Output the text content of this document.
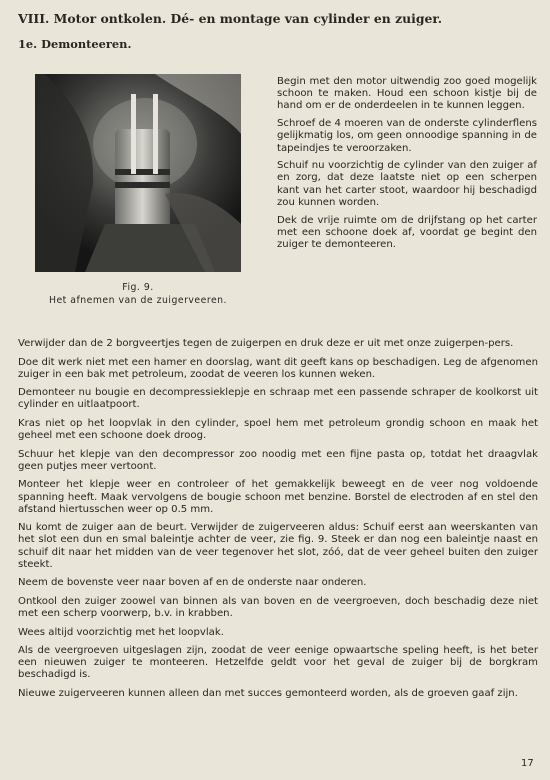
VIII. Motor ontkolen. Dé- en montage van cylinder en zuiger.
1e. Demonteeren.
Fig. 9.
Het afnemen van de zuigerveeren.

Begin met den motor uitwendig zoo goed mogelijk schoon te maken. Houd een schoon kistje bij de hand om er de onderdeelen in te kunnen leggen.

Schroef de 4 moeren van de onderste cylinderflens gelijkmatig los, om geen onnoodige spanning in de tapeindjes te veroorzaken.

Schuif nu voorzichtig de cylinder van den zuiger af en zorg, dat deze laatste niet op een scherpen kant van het carter stoot, waardoor hij beschadigd zou kunnen worden.

Dek de vrije ruimte om de drijfstang op het carter met een schoone doek af, voordat ge begint den zuiger te demonteeren.

Verwijder dan de 2 borgveertjes tegen de zuigerpen en druk deze er uit met onze zuigerpen-pers.

Doe dit werk niet met een hamer en doorslag, want dit geeft kans op beschadigen. Leg de afgenomen zuiger in een bak met petroleum, zoodat de veeren los kunnen weken.

Demonteer nu bougie en decompressieklepje en schraap met een passende schraper de koolkorst uit cylinder en uitlaatpoort.

Kras niet op het loopvlak in den cylinder, spoel hem met petroleum grondig schoon en maak het geheel met een schoone doek droog.

Schuur het klepje van den decompressor zoo noodig met een fijne pasta op, totdat het draagvlak geen putjes meer vertoont.

Monteer het klepje weer en controleer of het gemakkelijk beweegt en de veer nog voldoende spanning heeft. Maak vervolgens de bougie schoon met benzine. Borstel de electroden af en stel den afstand hiertusschen weer op 0.5 mm.

Nu komt de zuiger aan de beurt. Verwijder de zuigerveeren aldus: Schuif eerst aan weerskanten van het slot een dun en smal baleintje achter de veer, zie fig. 9. Steek er dan nog een baleintje naast en schuif dit naar het midden van de veer tegenover het slot, zóó, dat de veer geheel buiten den zuiger steekt.

Neem de bovenste veer naar boven af en de onderste naar onderen.

Ontkool den zuiger zoowel van binnen als van boven en de veergroeven, doch beschadig deze niet met een scherp voorwerp, b.v. in krabben.

Wees altijd voorzichtig met het loopvlak.

Als de veergroeven uitgeslagen zijn, zoodat de veer eenige opwaartsche speling heeft, is het beter een nieuwen zuiger te monteeren. Hetzelfde geldt voor het geval de zuiger bij de borgkram beschadigd is.

Nieuwe zuigerveeren kunnen alleen dan met succes gemonteerd worden, als de groeven gaaf zijn.

17
